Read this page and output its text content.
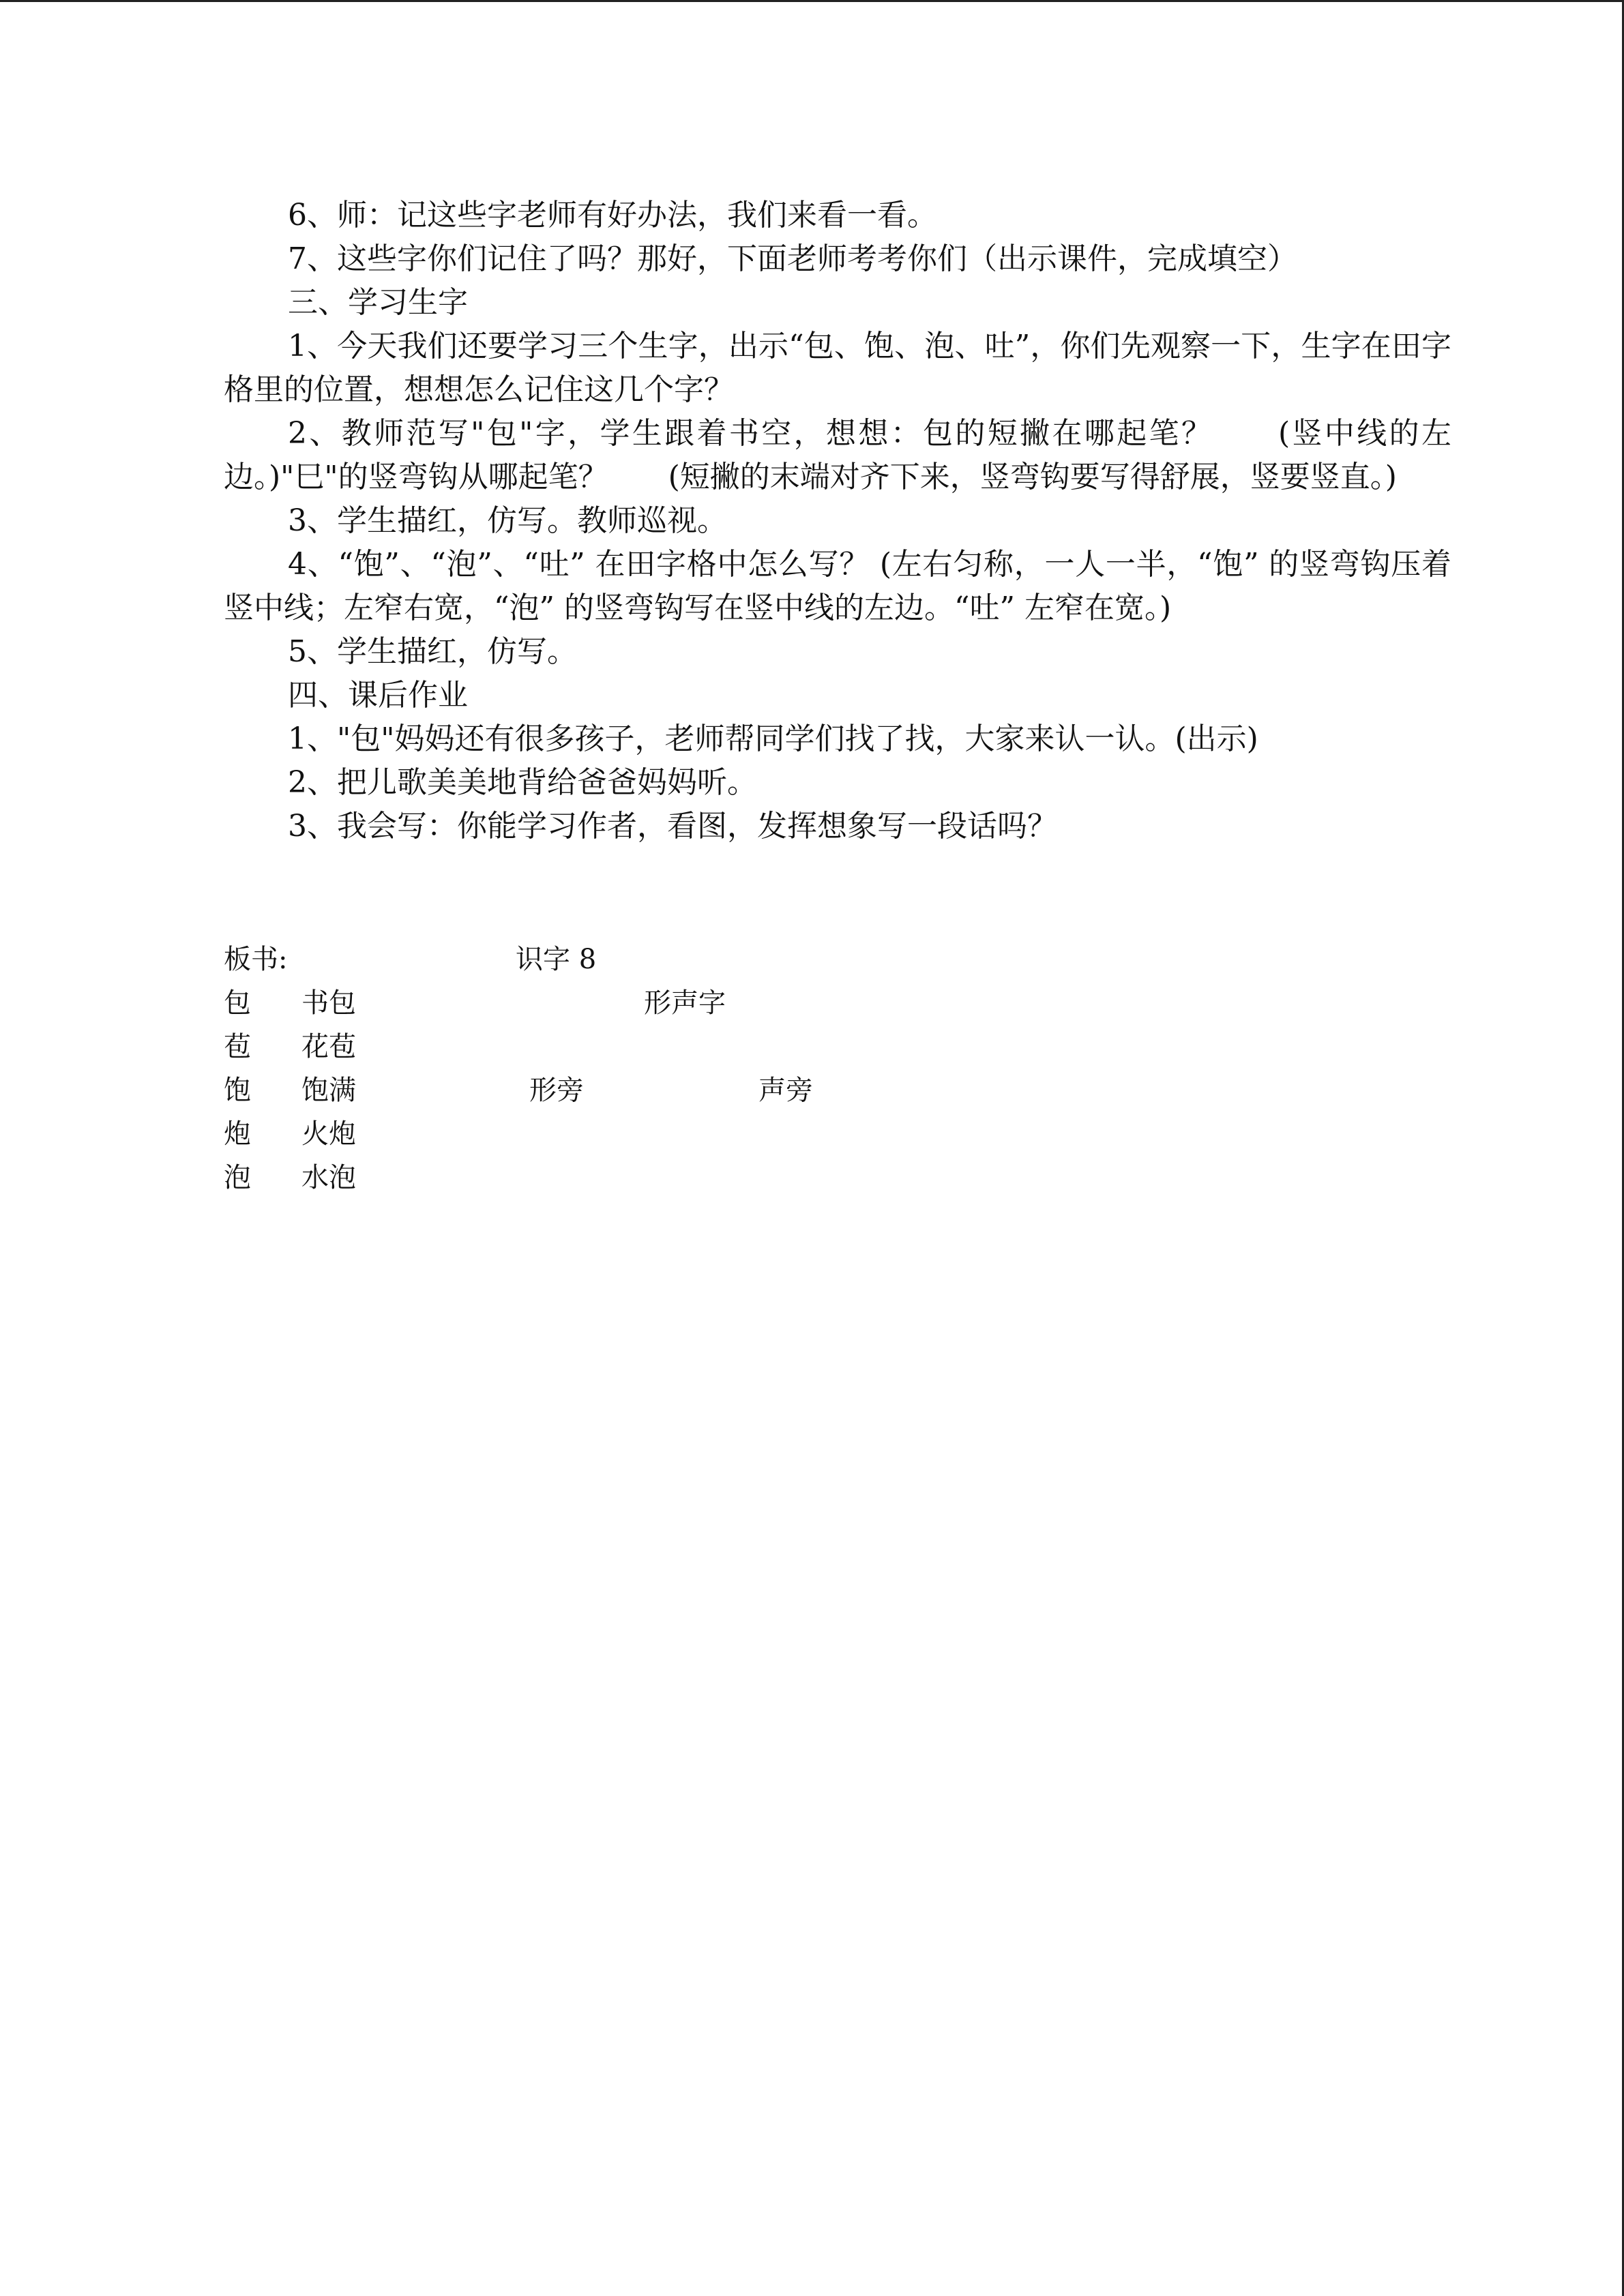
6、师：记这些字老师有好办法，我们来看一看。

7、这些字你们记住了吗？那好，下面老师考考你们（出示课件，完成填空）

三、学习生字

1、今天我们还要学习三个生字，出示“包、饱、泡、吐”，你们先观察一下，生字在田字格里的位置，想想怎么记住这几个字？

2、教师范写"包"字，学生跟着书空，想想：包的短撇在哪起笔？　　(竖中线的左边。)"巳"的竖弯钩从哪起笔？　　(短撇的末端对齐下来，竖弯钩要写得舒展，竖要竖直。)

3、学生描红，仿写。教师巡视。

4、“饱”、“泡”、“吐” 在田字格中怎么写？ (左右匀称，一人一半，“饱” 的竖弯钩压着竖中线；左窄右宽，“泡” 的竖弯钩写在竖中线的左边。“吐” 左窄在宽。)

5、学生描红，仿写。

四、课后作业

1、"包"妈妈还有很多孩子，老师帮同学们找了找，大家来认一认。(出示)

2、把儿歌美美地背给爸爸妈妈听。

3、我会写：你能学习作者，看图，发挥想象写一段话吗？

板书:	识字 8
形声字
形旁	声旁
包 书包
苞 花苞
饱 饱满
炮 火炮
泡 水泡
